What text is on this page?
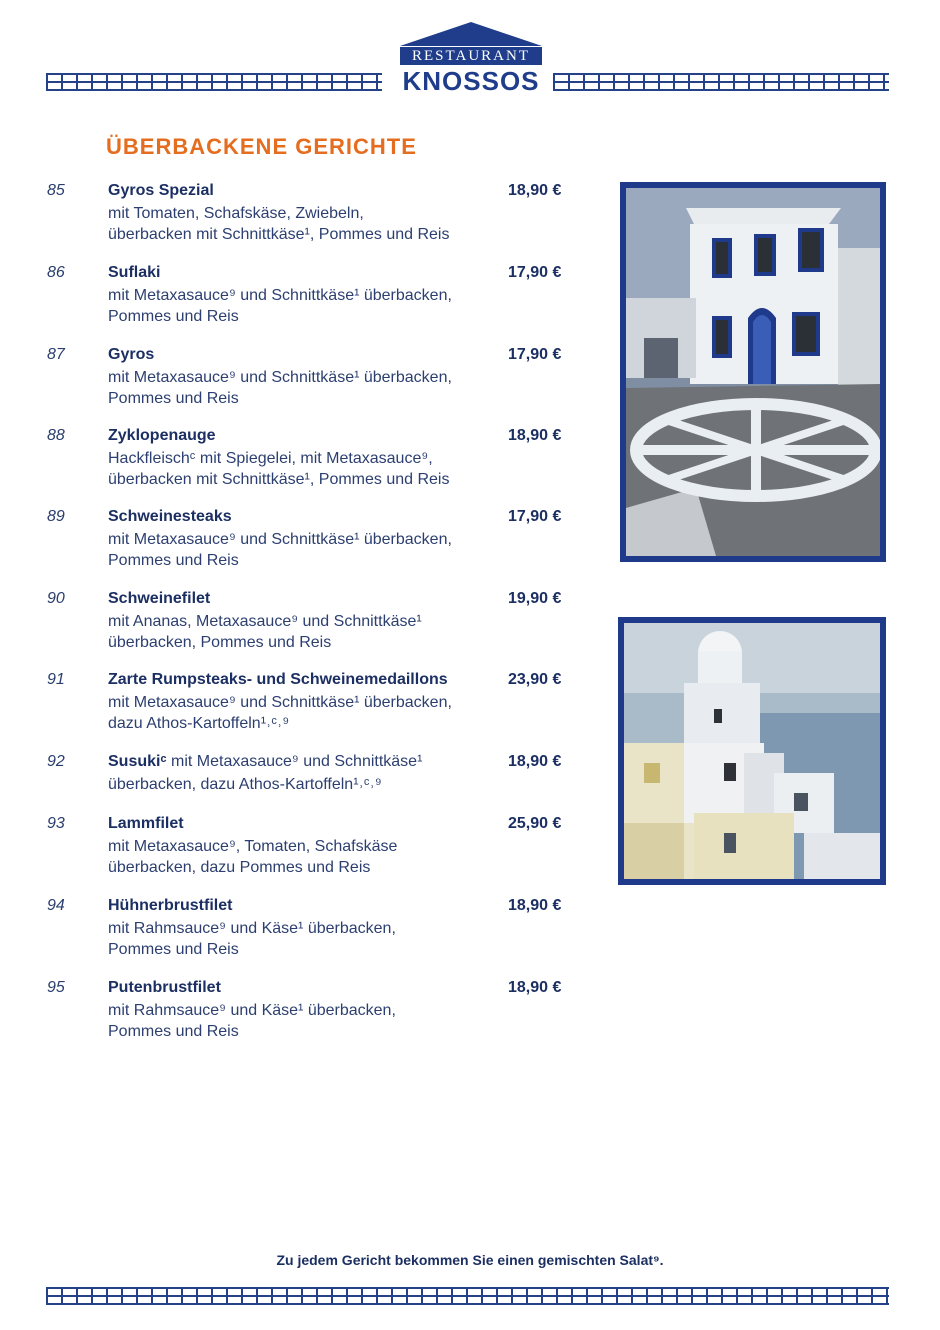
RESTAURANT
KNOSSOS
ÜBERBACKENE GERICHTE
85	Gyros Spezial	18,90 €
mit Tomaten, Schafskäse, Zwiebeln,
überbacken mit Schnittkäse¹, Pommes und Reis
86	Suflaki	17,90 €
mit Metaxasauce⁹ und Schnittkäse¹ überbacken,
Pommes und Reis
87	Gyros	17,90 €
mit Metaxasauce⁹ und Schnittkäse¹ überbacken,
Pommes und Reis
88	Zyklopenauge	18,90 €
Hackfleischᶜ mit Spiegelei, mit Metaxasauce⁹,
überbacken mit Schnittkäse¹, Pommes und Reis
89	Schweinesteaks	17,90 €
mit Metaxasauce⁹ und Schnittkäse¹ überbacken,
Pommes und Reis
90	Schweinefilet	19,90 €
mit Ananas, Metaxasauce⁹ und Schnittkäse¹
überbacken, Pommes und Reis
91	Zarte Rumpsteaks- und Schweinemedaillons	23,90 €
mit Metaxasauce⁹ und Schnittkäse¹ überbacken,
dazu Athos-Kartoffeln¹˒ᶜ˒⁹
92	Susukiᶜ mit Metaxasauce⁹ und Schnittkäse¹	18,90 €
überbacken, dazu Athos-Kartoffeln¹˒ᶜ˒⁹
93	Lammfilet	25,90 €
mit Metaxasauce⁹, Tomaten, Schafskäse
überbacken, dazu Pommes und Reis
94	Hühnerbrustfilet	18,90 €
mit Rahmsauce⁹ und Käse¹ überbacken,
Pommes und Reis
95	Putenbrustfilet	18,90 €
mit Rahmsauce⁹ und Käse¹ überbacken,
Pommes und Reis
Zu jedem Gericht bekommen Sie einen gemischten Salat⁹.
